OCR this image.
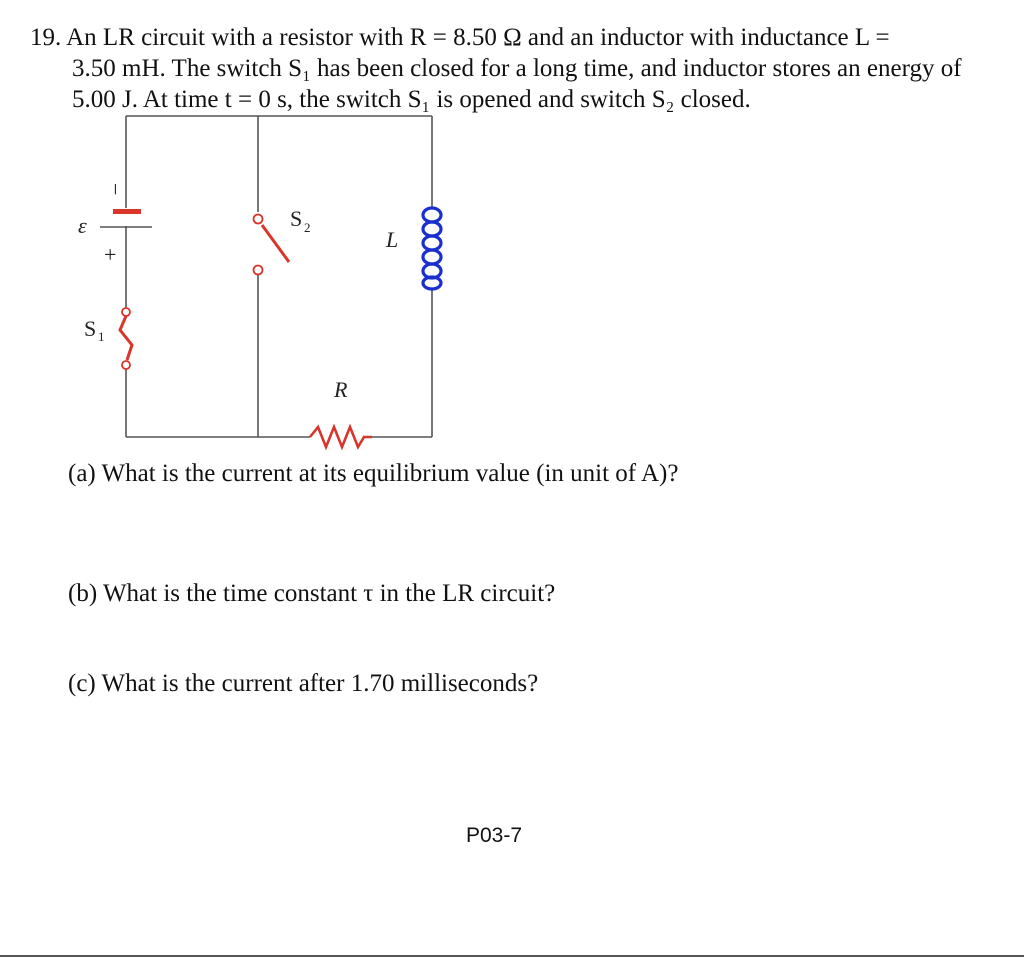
19. An LR circuit with a resistor with R = 8.50 Ω and an inductor with inductance L =
3.50 mH. The switch S₁ has been closed for a long time, and inductor stores an energy of
5.00 J. At time t = 0 s, the switch S₁ is opened and switch S₂ closed.
ε
−
+
S 1
S 2	L
R
(a) What is the current at its equilibrium value (in unit of A)?
(b) What is the time constant τ in the LR circuit?
(c) What is the current after 1.70 milliseconds?
P03-7
